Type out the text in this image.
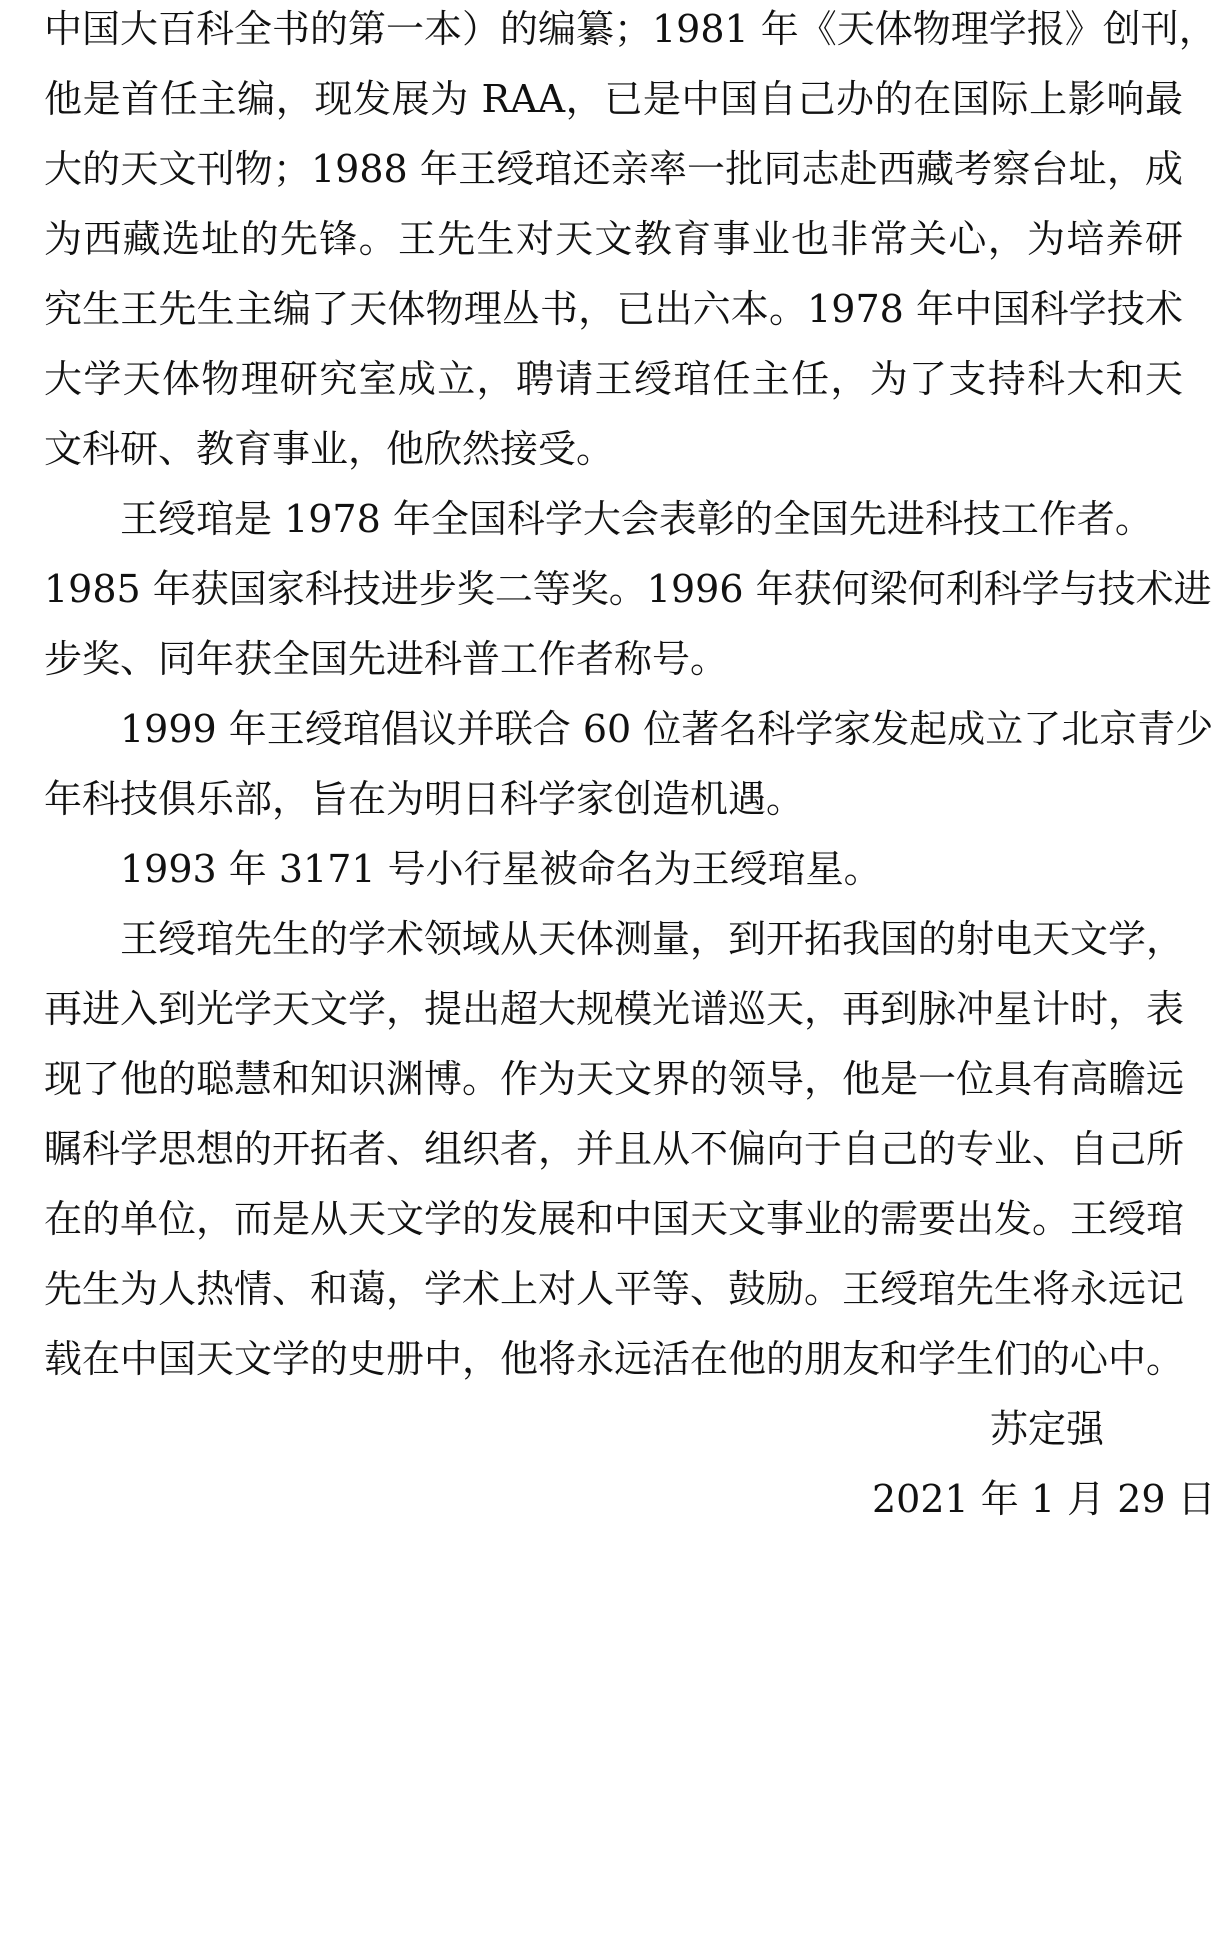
中国大百科全书的第一本）的编纂；1981 年《天体物理学报》创刊，
他是首任主编，现发展为 RAA，已是中国自己办的在国际上影响最
大的天文刊物；1988 年王绶琯还亲率一批同志赴西藏考察台址，成
为西藏选址的先锋。王先生对天文教育事业也非常关心，为培养研
究生王先生主编了天体物理丛书，已出六本。1978 年中国科学技术
大学天体物理研究室成立，聘请王绶琯任主任，为了支持科大和天
文科研、教育事业，他欣然接受。
王绶琯是 1978 年全国科学大会表彰的全国先进科技工作者。
1985 年获国家科技进步奖二等奖。1996 年获何梁何利科学与技术进
步奖、同年获全国先进科普工作者称号。
1999 年王绶琯倡议并联合 60 位著名科学家发起成立了北京青少
年科技俱乐部，旨在为明日科学家创造机遇。
1993 年 3171 号小行星被命名为王绶琯星。
王绶琯先生的学术领域从天体测量，到开拓我国的射电天文学，
再进入到光学天文学，提出超大规模光谱巡天，再到脉冲星计时，表
现了他的聪慧和知识渊博。作为天文界的领导，他是一位具有高瞻远
瞩科学思想的开拓者、组织者，并且从不偏向于自己的专业、自己所
在的单位，而是从天文学的发展和中国天文事业的需要出发。王绶琯
先生为人热情、和蔼，学术上对人平等、鼓励。王绶琯先生将永远记
载在中国天文学的史册中，他将永远活在他的朋友和学生们的心中。
苏定强
2021 年 1 月 29 日
